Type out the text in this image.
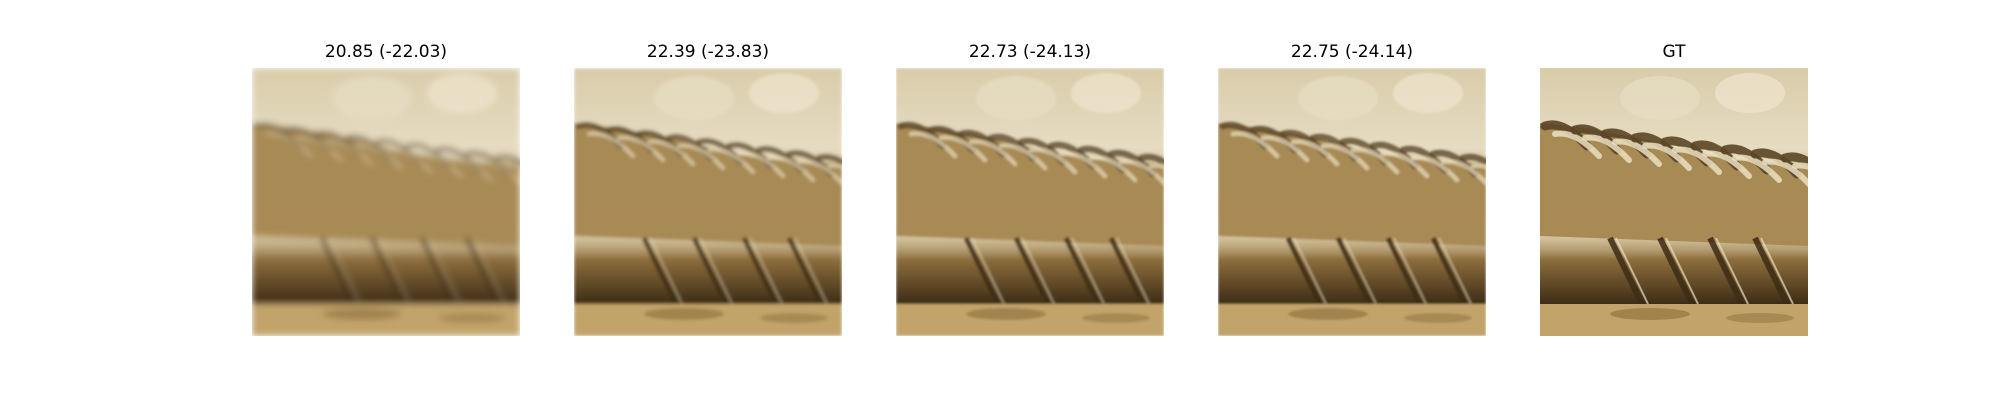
20.85 (-22.03)	22.39 (-23.83)	22.73 (-24.13)	22.75 (-24.14)	GT
